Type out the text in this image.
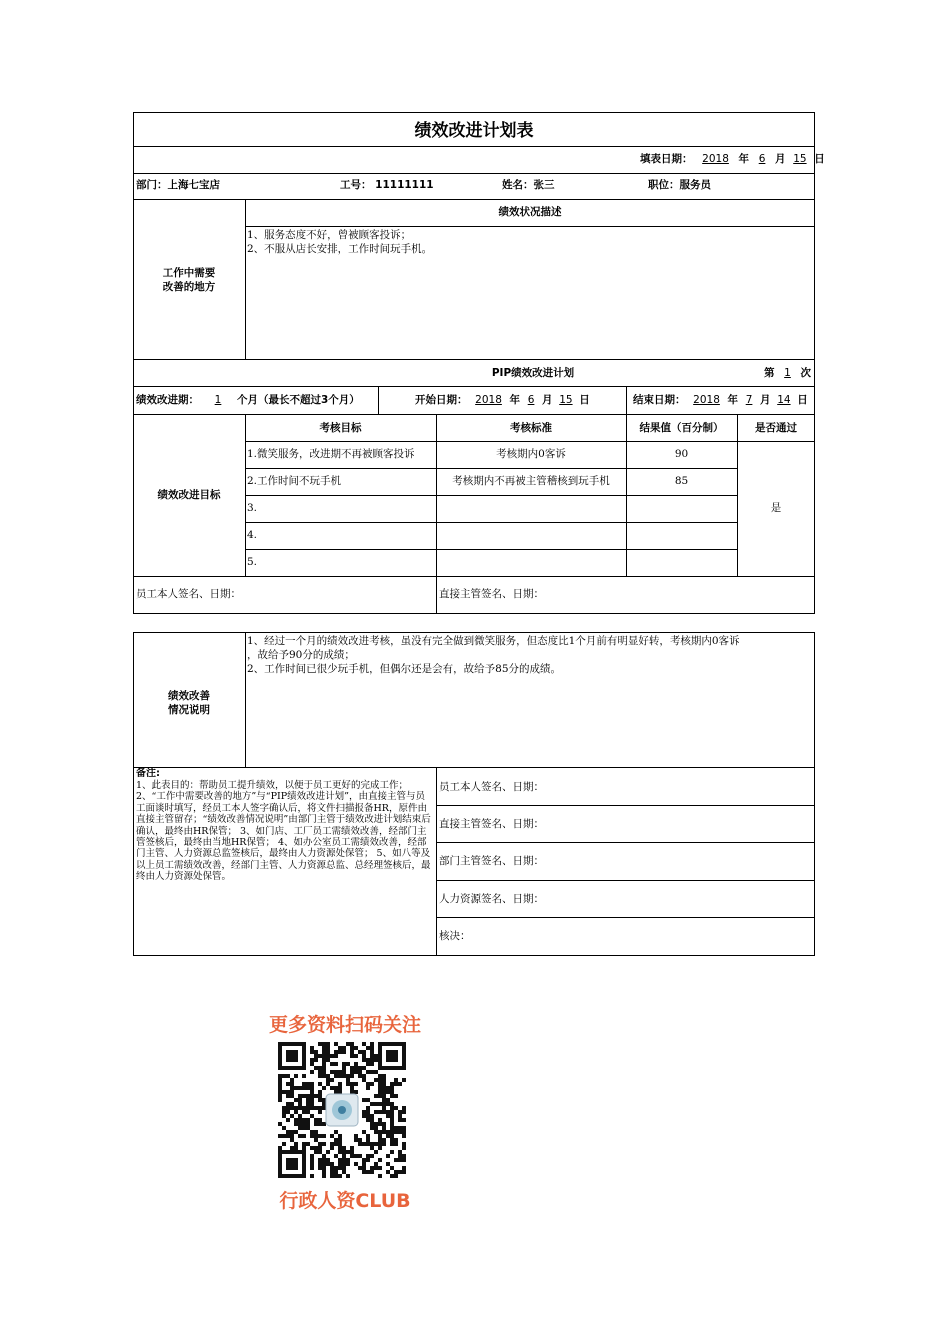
绩效改进计划表
填表日期： 2018 年 6 月 15 日
部门：上海七宝店	工号： 11111111	姓名：张三	职位：服务员
工作中需要
改善的地方
绩效状况描述
1、服务态度不好，曾被顾客投诉；
2、不服从店长安排，工作时间玩手机。
PIP绩效改进计划	第 1 次
绩效改进期： 1 个月（最长不超过3个月）	开始日期： 2018 年 6 月 15 日	结束日期： 2018 年 7 月 14 日
绩效改进目标
考核目标	考核标准	结果值（百分制）	是否通过
1.微笑服务，改进期不再被顾客投诉	考核期内0客诉	90
2.工作时间不玩手机	考核期内不再被主管稽核到玩手机	85
3.
4.
5.
是
员工本人签名、日期：	直接主管签名、日期：
绩效改善
情况说明
1、经过一个月的绩效改进考核，虽没有完全做到微笑服务，但态度比1个月前有明显好转，考核期内0客诉
，故给予90分的成绩；
2、工作时间已很少玩手机，但偶尔还是会有，故给予85分的成绩。
备注:
1、此表目的：帮助员工提升绩效，以便于员工更好的完成工作； 2、“工作中需要改善的地方”与“PIP绩效改进计划”，由直接主管与员工面谈时填写，经员工本人签字确认后，将文件扫描报备HR，原件由直接主管留存；“绩效改善情况说明”由部门主管于绩效改进计划结束后确认，最终由HR保管； 3、如门店、工厂员工需绩效改善，经部门主管签核后，最终由当地HR保管； 4、如办公室员工需绩效改善，经部门主管、人力资源总监签核后，最终由人力资源处保管； 5、如八等及以上员工需绩效改善，经部门主管、人力资源总监、总经理签核后，最终由人力资源处保管。
员工本人签名、日期：
直接主管签名、日期：
部门主管签名、日期：
人力资源签名、日期：
核决：
更多资料扫码关注
行政人资CLUB
